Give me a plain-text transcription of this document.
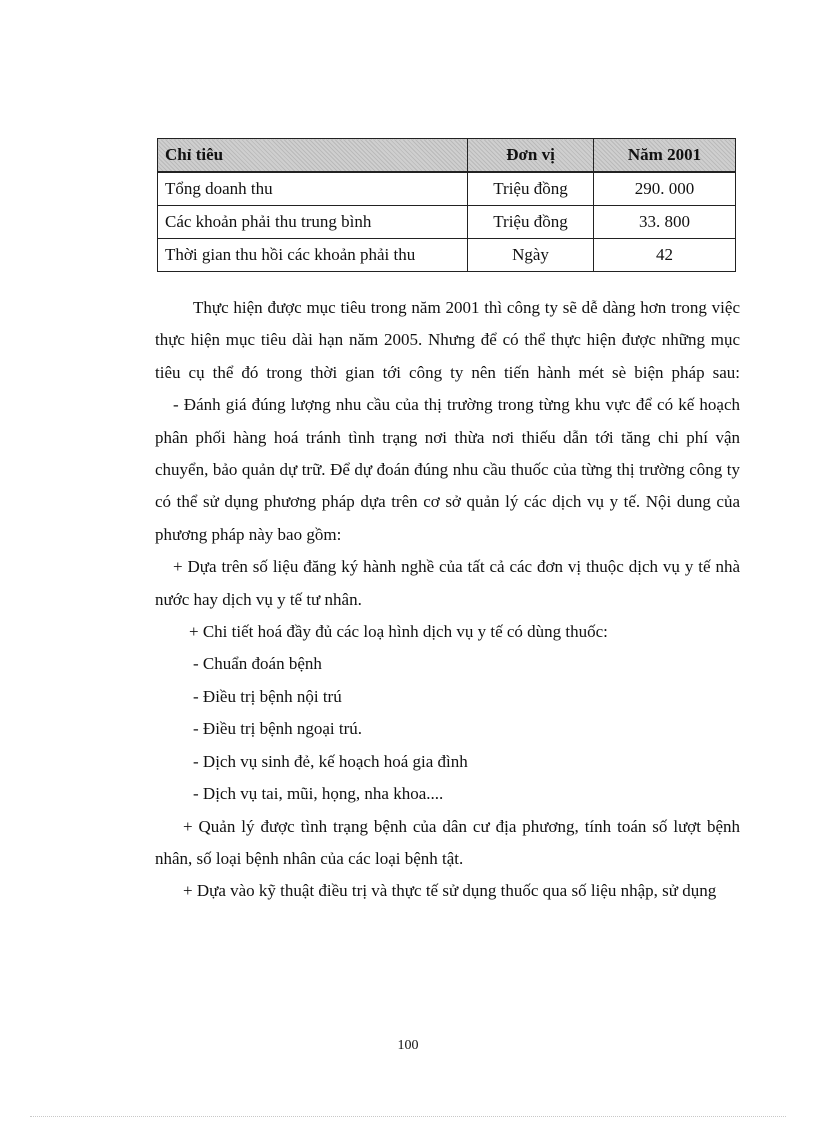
Chỉ tiêu	Đơn vị	Năm 2001
Tổng doanh thu	Triệu đồng	290. 000
Các khoản phải thu trung bình	Triệu đồng	33. 800
Thời gian thu hồi các khoản phải thu	Ngày	42

Thực hiện được mục tiêu trong năm 2001 thì công ty sẽ dễ dàng hơn trong việc thực hiện mục tiêu dài hạn năm 2005. Nhưng để có thể thực hiện được những mục tiêu cụ thể đó trong thời gian tới công ty nên tiến hành mét sè biện pháp sau:

- Đánh giá đúng lượng nhu cầu của thị trường trong từng khu vực để có kế hoạch phân phối hàng hoá tránh tình trạng nơi thừa nơi thiếu dẫn tới tăng chi phí vận chuyển, bảo quản dự trữ. Để dự đoán đúng nhu cầu thuốc của từng thị trường công ty có thể sử dụng phương pháp dựa trên cơ sở quản lý các dịch vụ y tế. Nội dung của phương pháp này bao gồm:

+ Dựa trên số liệu đăng ký hành nghề của tất cả các đơn vị thuộc dịch vụ y tế nhà nước hay dịch vụ y tế tư nhân.

+ Chi tiết hoá đầy đủ các loạ hình dịch vụ y tế có dùng thuốc:

- Chuẩn đoán bệnh

- Điều trị bệnh nội trú

- Điều trị bệnh ngoại trú.

- Dịch vụ sinh đẻ, kế hoạch hoá gia đình

- Dịch vụ tai, mũi, họng, nha khoa....

+ Quản lý được tình trạng bệnh của dân cư địa phương, tính toán số lượt bệnh nhân, số loại bệnh nhân của các loại bệnh tật.

+ Dựa vào kỹ thuật điều trị và thực tế sử dụng thuốc qua số liệu nhập, sử dụng

100
